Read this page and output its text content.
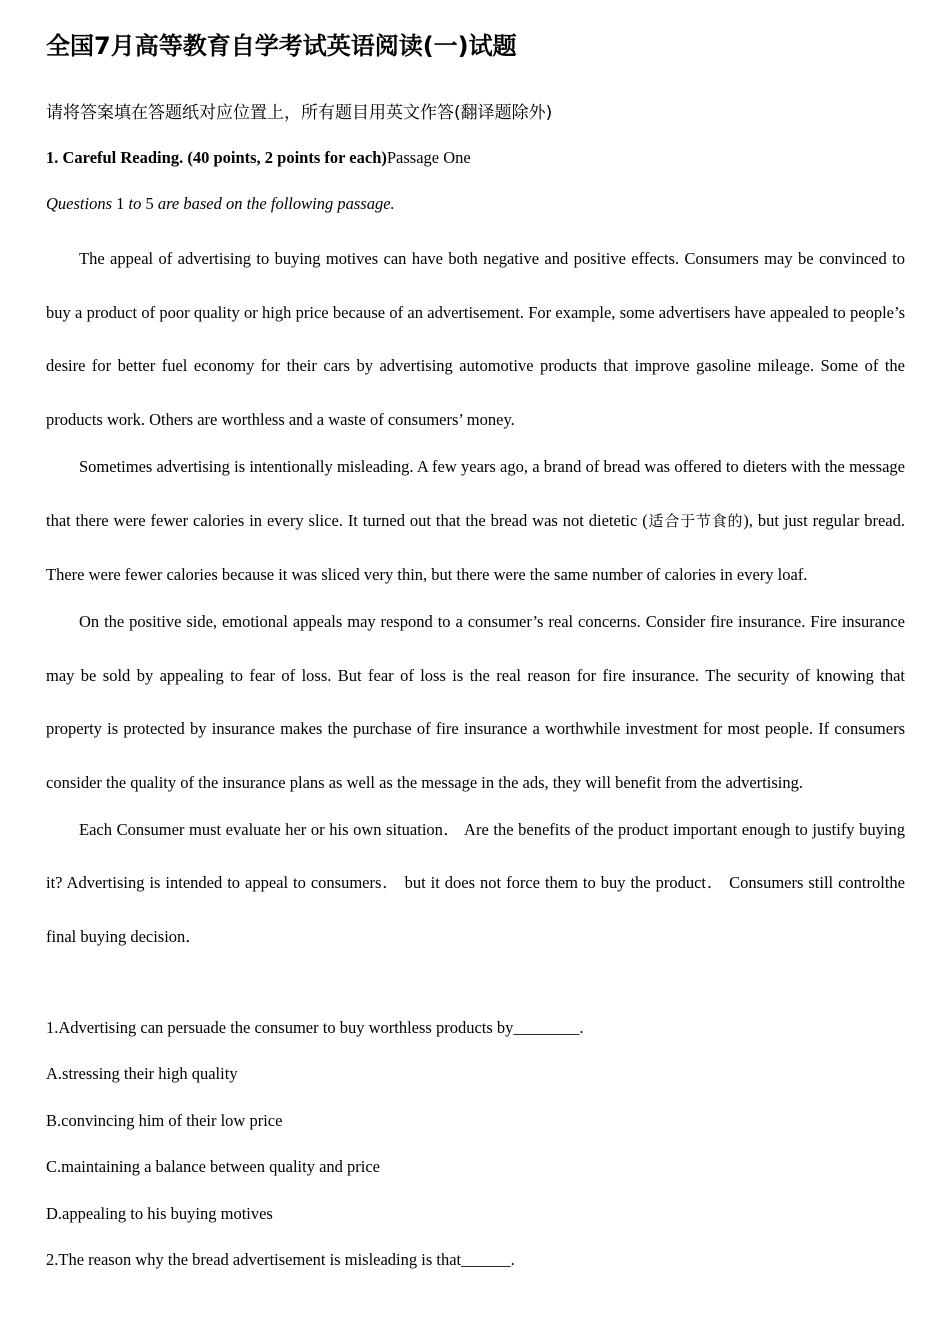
全国7月高等教育自学考试英语阅读(一)试题
请将答案填在答题纸对应位置上，所有题目用英文作答(翻译题除外)
1. Careful Reading. (40 points, 2 points for each)Passage One
Questions 1 to 5 are based on the following passage.

The appeal of advertising to buying motives can have both negative and positive effects. Consumers may be convinced to buy a product of poor quality or high price because of an advertisement. For example, some advertisers have appealed to people’s desire for better fuel economy for their cars by advertising automotive products that improve gasoline mileage. Some of the products work. Others are worthless and a waste of consumers’ money.

Sometimes advertising is intentionally misleading. A few years ago, a brand of bread was offered to dieters with the message that there were fewer calories in every slice. It turned out that the bread was not dietetic (适合于节食的), but just regular bread. There were fewer calories because it was sliced very thin, but there were the same number of calories in every loaf.

On the positive side, emotional appeals may respond to a consumer’s real concerns. Consider fire insurance. Fire insurance may be sold by appealing to fear of loss. But fear of loss is the real reason for fire insurance. The security of knowing that property is protected by insurance makes the purchase of fire insurance a worthwhile investment for most people. If consumers consider the quality of the insurance plans as well as the message in the ads, they will benefit from the advertising.

Each Consumer must evaluate her or his own situation． Are the benefits of the product important enough to justify buying it? Advertising is intended to appeal to consumers． but it does not force them to buy the product． Consumers still controlthe final buying decision．

1.Advertising can persuade the consumer to buy worthless products by________.
A.stressing their high quality
B.convincing him of their low price
C.maintaining a balance between quality and price
D.appealing to his buying motives
2.The reason why the bread advertisement is misleading is that______.
